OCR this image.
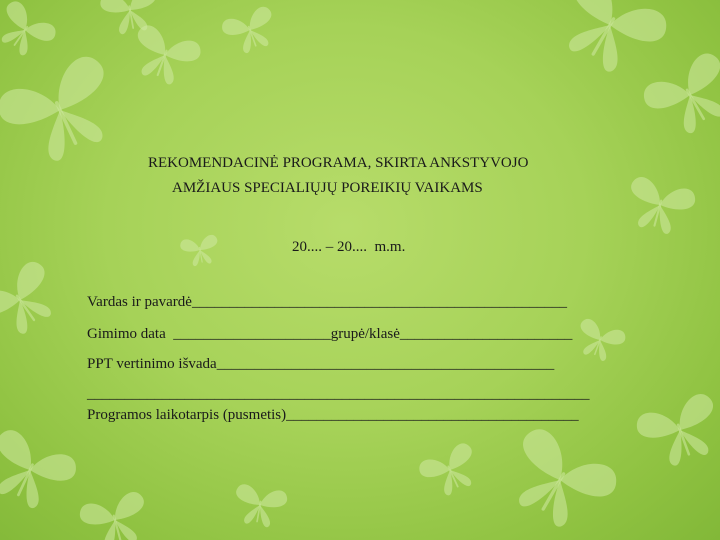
REKOMENDACINĖ PROGRAMA, SKIRTA ANKSTYVOJO
AMŽIAUS SPECIALIŲJŲ POREIKIŲ VAIKAMS
20.... – 20....  m.m.
Vardas ir pavardė__________________________________________________
Gimimo data  _____________________grupė/klasė_______________________
PPT vertinimo išvada_____________________________________________
___________________________________________________________________
Programos laikotarpis (pusmetis)_______________________________________
